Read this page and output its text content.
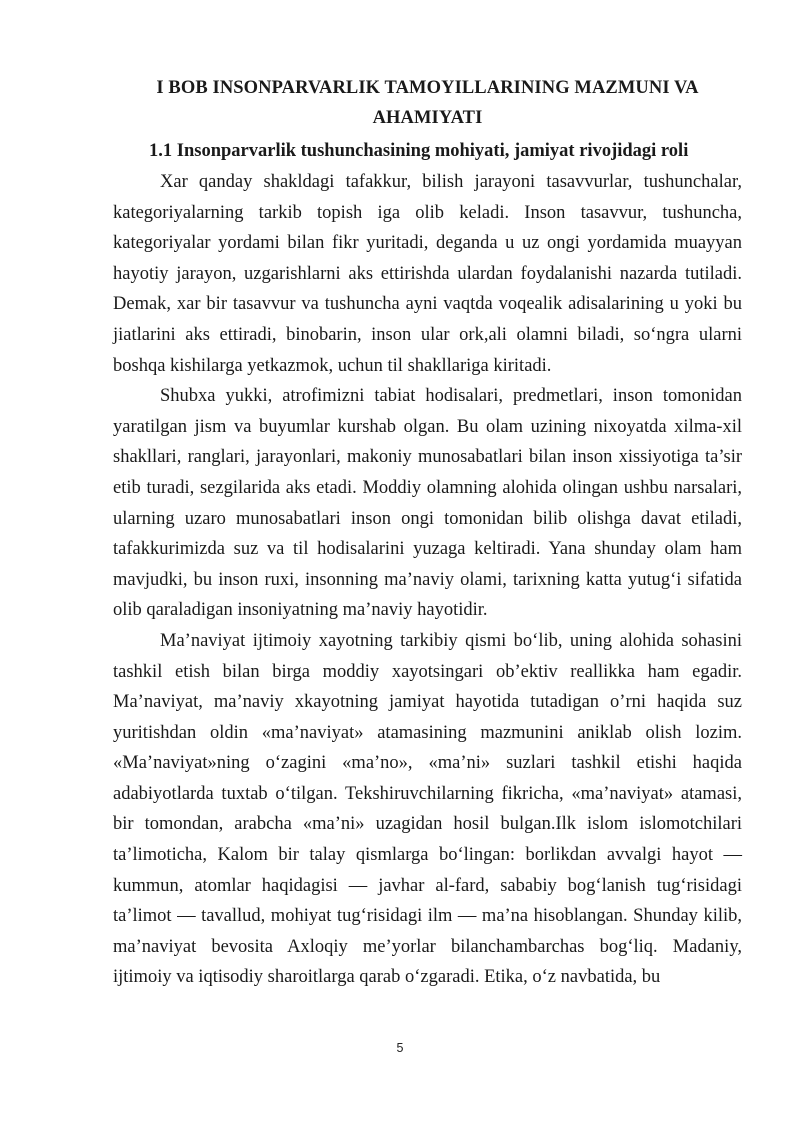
I BOB INSONPARVARLIK TAMOYILLARINING MAZMUNI VA AHAMIYATI
1.1 Insonparvarlik tushunchasining mohiyati, jamiyat rivojidagi roli

Xar qanday shakldagi tafakkur, bilish jarayoni tasavvurlar, tushunchalar, kategoriyalarning tarkib topish iga olib keladi. Inson tasavvur, tushuncha, kategoriyalar yordami bilan fikr yuritadi, deganda u uz ongi yordamida muayyan hayotiy jarayon, uzgarishlarni aks ettirishda ulardan foydalanishi nazarda tutiladi. Demak, xar bir tasavvur va tushuncha ayni vaqtda voqealik adisalarining u yoki bu jiatlarini aks ettiradi, binobarin, inson ular ork,ali olamni biladi, so‘ngra ularni boshqa kishilarga yetkazmok, uchun til shakllariga kiritadi.

Shubxa yukki, atrofimizni tabiat hodisalari, predmetlari, inson tomonidan yaratilgan jism va buyumlar kurshab olgan. Bu olam uzining nixoyatda xilma-xil shakllari, ranglari, jarayonlari, makoniy munosabatlari bilan inson xissiyotiga ta’sir etib turadi, sezgilarida aks etadi. Moddiy olamning alohida olingan ushbu narsalari, ularning uzaro munosabatlari inson ongi tomonidan bilib olishga davat etiladi, tafakkurimizda suz va til hodisalarini yuzaga keltiradi. Yana shunday olam ham mavjudki, bu inson ruxi, insonning ma’naviy olami, tarixning katta yutug‘i sifatida olib qaraladigan insoniyatning ma’naviy hayotidir.

Ma’naviyat ijtimoiy xayotning tarkibiy qismi bo‘lib, uning alohida sohasini tashkil etish bilan birga moddiy xayotsingari ob’ektiv reallikka ham egadir. Ma’naviyat, ma’naviy xkayotning jamiyat hayotida tutadigan o’rni haqida suz yuritishdan oldin «ma’naviyat» atamasining mazmunini aniklab olish lozim. «Ma’naviyat»ning o‘zagini «ma’no», «ma’ni» suzlari tashkil etishi haqida adabiyotlarda tuxtab o‘tilgan. Tekshiruvchilarning fikricha, «ma’naviyat» atamasi, bir tomondan, arabcha «ma’ni» uzagidan hosil bulgan.Ilk islom islomotchilari ta’limoticha, Kalom bir talay qismlarga bo‘lingan: borlikdan avvalgi hayot — kummun, atomlar haqidagisi — javhar al-fard, sababiy bog‘lanish tug‘risidagi ta’limot — tavallud, mohiyat tug‘risidagi ilm — ma’na hisoblangan. Shunday kilib, ma’naviyat bevosita Axloqiy me’yorlar bilanchambarchas bog‘liq. Madaniy, ijtimoiy va iqtisodiy sharoitlarga qarab o‘zgaradi. Etika, o‘z navbatida, bu

5
